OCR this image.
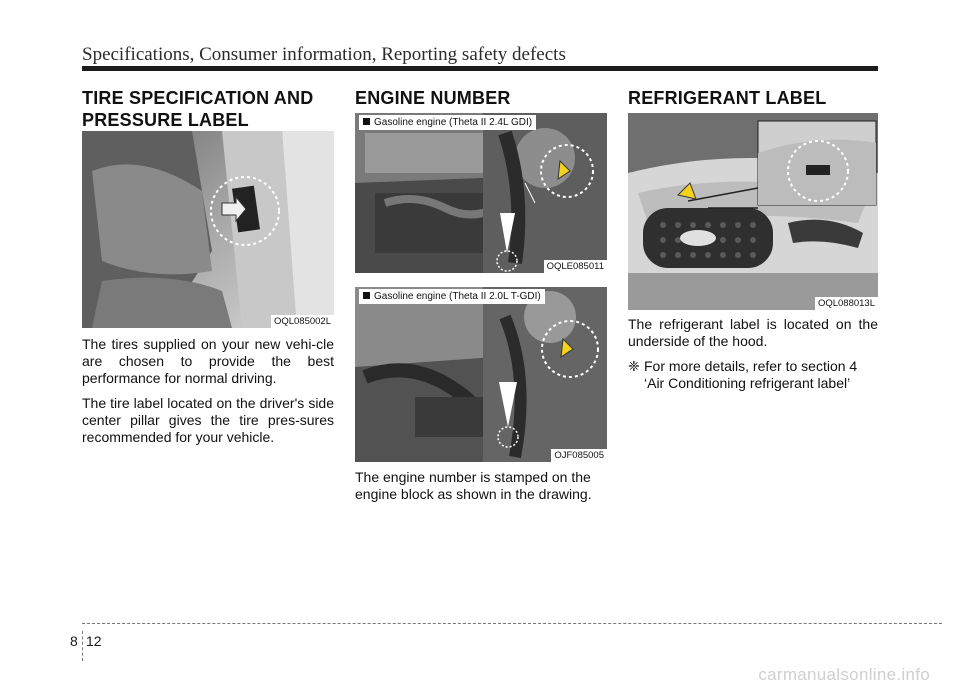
Specifications, Consumer information, Reporting safety defects
TIRE SPECIFICATION AND
PRESSURE LABEL
OQL085002L

The tires supplied on your new vehi-cle are chosen to provide the best performance for normal driving.

The tire label located on the driver's side center pillar gives the tire pres-sures recommended for your vehicle.

ENGINE NUMBER
Gasoline engine (Theta II 2.4L GDI)
OQLE085011
Gasoline engine (Theta II 2.0L T-GDI)
OJF085005
The engine number is stamped on the engine block as shown in the drawing.
REFRIGERANT LABEL
OQL088013L

The refrigerant label is located on the underside of the hood.

❈ For more details, refer to section 4 ‘Air Conditioning refrigerant label’
8 12
carmanualsonline.info
